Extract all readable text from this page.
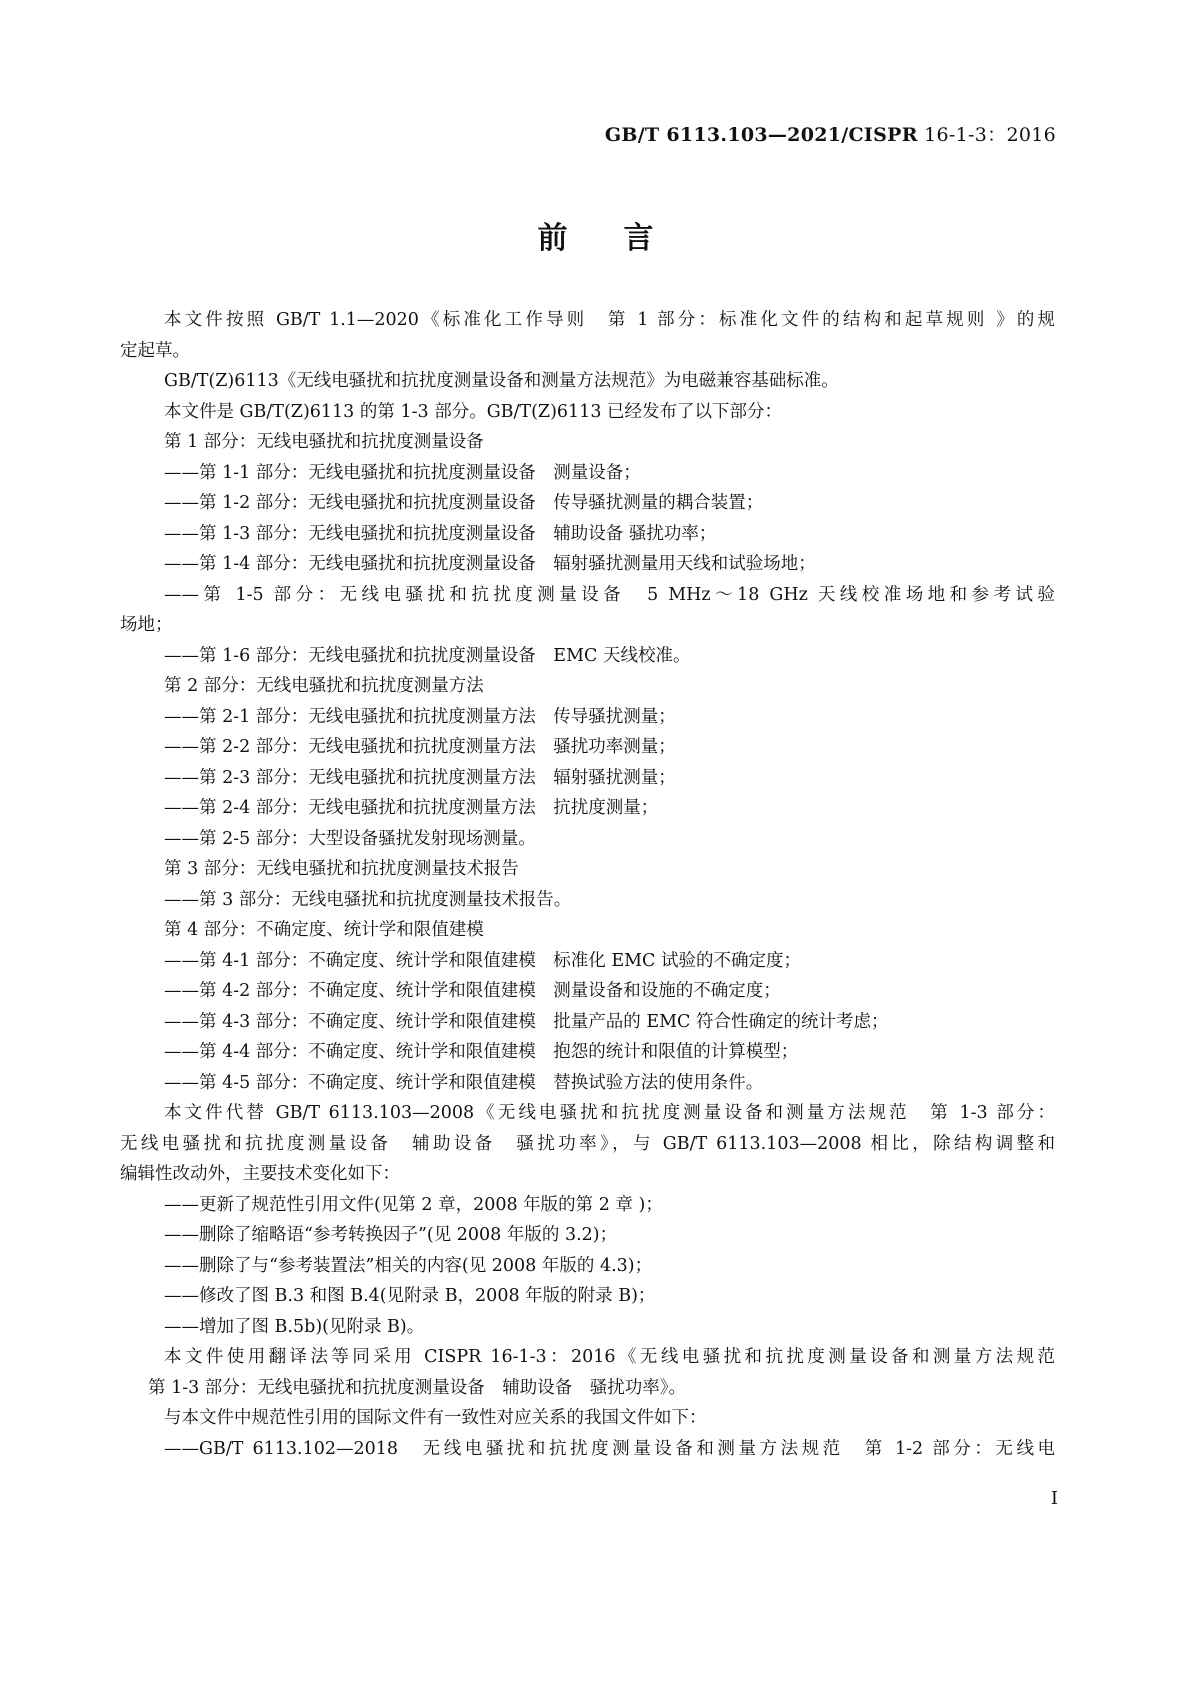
GB/T 6113.103—2021/CISPR 16-1-3：2016
前言
本文件按照 GB/T 1.1—2020《标准化工作导则　第 1 部分：标准化文件的结构和起草规则 》的规
定起草。
GB/T(Z)6113《无线电骚扰和抗扰度测量设备和测量方法规范》为电磁兼容基础标准。
本文件是 GB/T(Z)6113 的第 1-3 部分。GB/T(Z)6113 已经发布了以下部分：
第 1 部分：无线电骚扰和抗扰度测量设备
——第 1-1 部分：无线电骚扰和抗扰度测量设备　测量设备；
——第 1-2 部分：无线电骚扰和抗扰度测量设备　传导骚扰测量的耦合装置；
——第 1-3 部分：无线电骚扰和抗扰度测量设备　辅助设备 骚扰功率；
——第 1-4 部分：无线电骚扰和抗扰度测量设备　辐射骚扰测量用天线和试验场地；
——第 1-5 部分：无线电骚扰和抗扰度测量设备　5 MHz～18 GHz 天线校准场地和参考试验
场地；
——第 1-6 部分：无线电骚扰和抗扰度测量设备　EMC 天线校准。
第 2 部分：无线电骚扰和抗扰度测量方法
——第 2-1 部分：无线电骚扰和抗扰度测量方法　传导骚扰测量；
——第 2-2 部分：无线电骚扰和抗扰度测量方法　骚扰功率测量；
——第 2-3 部分：无线电骚扰和抗扰度测量方法　辐射骚扰测量；
——第 2-4 部分：无线电骚扰和抗扰度测量方法　抗扰度测量；
——第 2-5 部分：大型设备骚扰发射现场测量。
第 3 部分：无线电骚扰和抗扰度测量技术报告
——第 3 部分：无线电骚扰和抗扰度测量技术报告。
第 4 部分：不确定度、统计学和限值建模
——第 4-1 部分：不确定度、统计学和限值建模　标准化 EMC 试验的不确定度；
——第 4-2 部分：不确定度、统计学和限值建模　测量设备和设施的不确定度；
——第 4-3 部分：不确定度、统计学和限值建模　批量产品的 EMC 符合性确定的统计考虑；
——第 4-4 部分：不确定度、统计学和限值建模　抱怨的统计和限值的计算模型；
——第 4-5 部分：不确定度、统计学和限值建模　替换试验方法的使用条件。
本文件代替 GB/T 6113.103—2008《无线电骚扰和抗扰度测量设备和测量方法规范　第 1-3 部分：
无线电骚扰和抗扰度测量设备　辅助设备　骚扰功率》，与 GB/T 6113.103—2008 相比，除结构调整和
编辑性改动外，主要技术变化如下：
——更新了规范性引用文件(见第 2 章，2008 年版的第 2 章 )；
——删除了缩略语“参考转换因子”(见 2008 年版的 3.2)；
——删除了与“参考装置法”相关的内容(见 2008 年版的 4.3)；
——修改了图 B.3 和图 B.4(见附录 B，2008 年版的附录 B)；
——增加了图 B.5b)(见附录 B)。
本文件使用翻译法等同采用 CISPR 16-1-3：2016《无线电骚扰和抗扰度测量设备和测量方法规范
第 1-3 部分：无线电骚扰和抗扰度测量设备　辅助设备　骚扰功率》。
与本文件中规范性引用的国际文件有一致性对应关系的我国文件如下：
——GB/T 6113.102—2018　无线电骚扰和抗扰度测量设备和测量方法规范　第 1-2 部分：无线电
I
